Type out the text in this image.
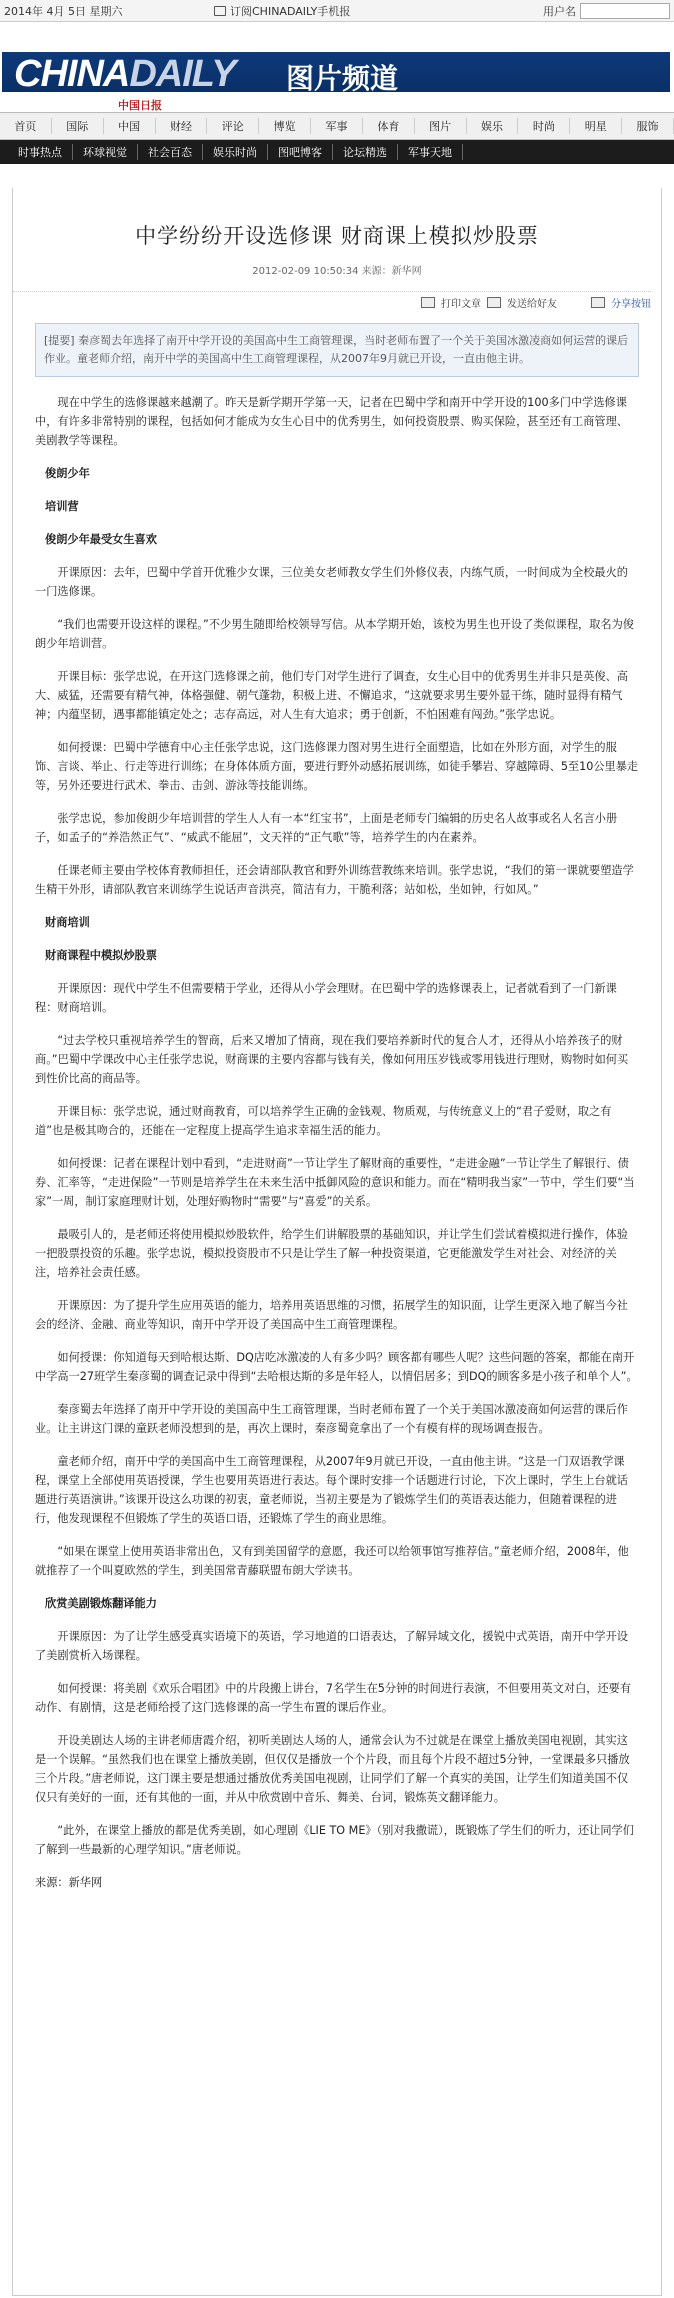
2014年 4月 5日 星期六	订阅CHINADAILY手机报	用户名
CHINADAILY 图片频道
中国日报
首页	国际	中国	财经	评论	博览	军事	体育	图片	娱乐	时尚	明星	服饰
时事热点	环球视觉	社会百态	娱乐时尚	图吧博客	论坛精选	军事天地
中学纷纷开设选修课 财商课上模拟炒股票
2012-02-09 10:50:34 来源：新华网
打印文章	发送给好友	分享按钮
[提要] 秦彦蜀去年选择了南开中学开设的美国高中生工商管理课，当时老师布置了一个关于美国冰激凌商如何运营的课后作业。童老师介绍，南开中学的美国高中生工商管理课程，从2007年9月就已开设，一直由他主讲。

现在中学生的选修课越来越潮了。昨天是新学期开学第一天，记者在巴蜀中学和南开中学开设的100多门中学选修课中，有许多非常特别的课程，包括如何才能成为女生心目中的优秀男生，如何投资股票、购买保险，甚至还有工商管理、美剧教学等课程。

俊朗少年

培训营

俊朗少年最受女生喜欢

开课原因：去年，巴蜀中学首开优雅少女课，三位美女老师教女学生们外修仪表，内练气质，一时间成为全校最火的一门选修课。

“我们也需要开设这样的课程。”不少男生随即给校领导写信。从本学期开始，该校为男生也开设了类似课程，取名为俊朗少年培训营。

开课目标：张学忠说，在开这门选修课之前，他们专门对学生进行了调查，女生心目中的优秀男生并非只是英俊、高大、威猛，还需要有精气神，体格强健、朝气蓬勃，积极上进、不懈追求，“这就要求男生要外显干练，随时显得有精气神；内蕴坚韧，遇事都能镇定处之；志存高远，对人生有大追求；勇于创新，不怕困难有闯劲。”张学忠说。

如何授课：巴蜀中学德育中心主任张学忠说，这门选修课力图对男生进行全面塑造，比如在外形方面，对学生的服饰、言谈、举止、行走等进行训练；在身体体质方面，要进行野外动感拓展训练，如徒手攀岩、穿越障碍、5至10公里暴走等，另外还要进行武术、拳击、击剑、游泳等技能训练。

张学忠说，参加俊朗少年培训营的学生人人有一本“红宝书”，上面是老师专门编辑的历史名人故事或名人名言小册子，如孟子的“养浩然正气”、“威武不能屈”，文天祥的“正气歌”等，培养学生的内在素养。

任课老师主要由学校体育教师担任，还会请部队教官和野外训练营教练来培训。张学忠说，“我们的第一课就要塑造学生精干外形，请部队教官来训练学生说话声音洪亮，简洁有力，干脆利落；站如松，坐如钟，行如风。”

财商培训

财商课程中模拟炒股票

开课原因：现代中学生不但需要精于学业，还得从小学会理财。在巴蜀中学的选修课表上，记者就看到了一门新课程：财商培训。

“过去学校只重视培养学生的智商，后来又增加了情商，现在我们要培养新时代的复合人才，还得从小培养孩子的财商。”巴蜀中学课改中心主任张学忠说，财商课的主要内容都与钱有关，像如何用压岁钱或零用钱进行理财，购物时如何买到性价比高的商品等。

开课目标：张学忠说，通过财商教育，可以培养学生正确的金钱观、物质观，与传统意义上的“君子爱财，取之有道”也是极其吻合的，还能在一定程度上提高学生追求幸福生活的能力。

如何授课：记者在课程计划中看到，“走进财商”一节让学生了解财商的重要性，“走进金融”一节让学生了解银行、债券、汇率等，“走进保险”一节则是培养学生在未来生活中抵御风险的意识和能力。而在“精明我当家”一节中，学生们要“当家”一周，制订家庭理财计划，处理好购物时“需要”与“喜爱”的关系。

最吸引人的，是老师还将使用模拟炒股软件，给学生们讲解股票的基础知识，并让学生们尝试着模拟进行操作，体验一把股票投资的乐趣。张学忠说，模拟投资股市不只是让学生了解一种投资渠道，它更能激发学生对社会、对经济的关注，培养社会责任感。

开课原因：为了提升学生应用英语的能力，培养用英语思维的习惯，拓展学生的知识面，让学生更深入地了解当今社会的经济、金融、商业等知识，南开中学开设了美国高中生工商管理课程。

如何授课：你知道每天到哈根达斯、DQ店吃冰激凌的人有多少吗？顾客都有哪些人呢？这些问题的答案，都能在南开中学高一27班学生秦彦蜀的调查记录中得到“去哈根达斯的多是年轻人，以情侣居多；到DQ的顾客多是小孩子和单个人”。

秦彦蜀去年选择了南开中学开设的美国高中生工商管理课，当时老师布置了一个关于美国冰激凌商如何运营的课后作业。让主讲这门课的童跃老师没想到的是，再次上课时，秦彦蜀竟拿出了一个有模有样的现场调查报告。

童老师介绍，南开中学的美国高中生工商管理课程，从2007年9月就已开设，一直由他主讲。“这是一门双语教学课程，课堂上全部使用英语授课，学生也要用英语进行表达。每个课时安排一个话题进行讨论，下次上课时，学生上台就话题进行英语演讲。”该课开设这么功课的初衷，童老师说，当初主要是为了锻炼学生们的英语表达能力，但随着课程的进行，他发现课程不但锻炼了学生的英语口语，还锻炼了学生的商业思维。

“如果在课堂上使用英语非常出色，又有到美国留学的意愿，我还可以给领事馆写推荐信。”童老师介绍，2008年，他就推荐了一个叫夏欧然的学生，到美国常青藤联盟布朗大学读书。

欣赏美剧锻炼翻译能力

开课原因：为了让学生感受真实语境下的英语，学习地道的口语表达，了解异域文化，援锐中式英语，南开中学开设了美剧赏析入场课程。

如何授课：将美剧《欢乐合唱团》中的片段搬上讲台，7名学生在5分钟的时间进行表演，不但要用英文对白，还要有动作、有剧情，这是老师给授了这门选修课的高一学生布置的课后作业。

开设美剧达人场的主讲老师唐霞介绍，初听美剧达人场的人，通常会认为不过就是在课堂上播放美国电视剧，其实这是一个误解。“虽然我们也在课堂上播放美剧，但仅仅是播放一个个片段，而且每个片段不超过5分钟，一堂课最多只播放三个片段。”唐老师说，这门课主要是想通过播放优秀美国电视剧，让同学们了解一个真实的美国，让学生们知道美国不仅仅只有美好的一面，还有其他的一面，并从中欣赏剧中音乐、舞美、台词，锻炼英文翻译能力。

“此外，在课堂上播放的都是优秀美剧，如心理剧《LIE TO ME》（别对我撒谎），既锻炼了学生们的听力，还让同学们了解到一些最新的心理学知识。”唐老师说。

来源：新华网
